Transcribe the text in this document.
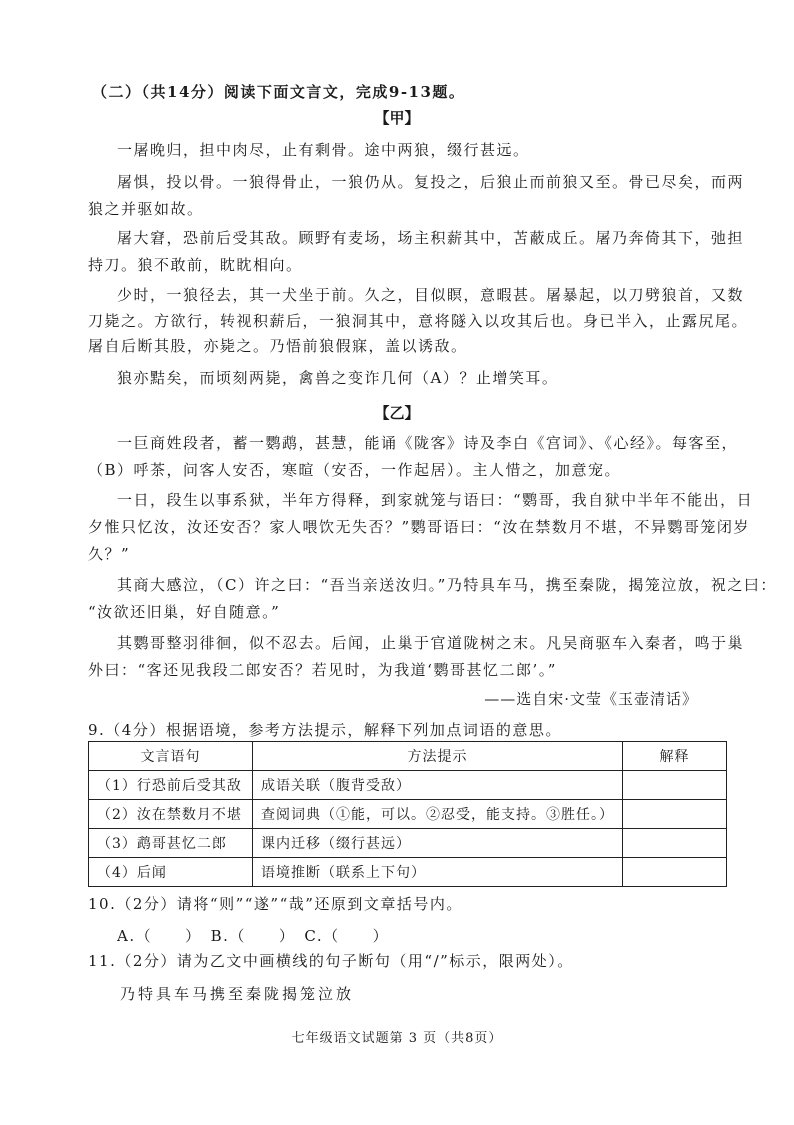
（二）（共14分）阅读下面文言文，完成9-13题。
【甲】
一屠晚归，担中肉尽，止有剩骨。途中两狼，缀行甚远。
屠惧，投以骨。一狼得骨止，一狼仍从。复投之，后狼止而前狼又至。骨已尽矣，而两
狼之并驱如故。
屠大窘，恐前后受其敌。顾野有麦场，场主积薪其中，苫蔽成丘。屠乃奔倚其下，弛担
持刀。狼不敢前，眈眈相向。
少时，一狼径去，其一犬坐于前。久之，目似瞑，意暇甚。屠暴起，以刀劈狼首，又数
刀毙之。方欲行，转视积薪后，一狼洞其中，意将隧入以攻其后也。身已半入，止露尻尾。
屠自后断其股，亦毙之。乃悟前狼假寐，盖以诱敌。
狼亦黠矣，而顷刻两毙，禽兽之变诈几何（A）？止增笑耳。
【乙】
一巨商姓段者，蓄一鹦鹉，甚慧，能诵《陇客》诗及李白《宫词》、《心经》。每客至，
（B）呼茶，问客人安否，寒暄（安否，一作起居）。主人惜之，加意宠。
一日，段生以事系狱，半年方得释，到家就笼与语曰：“鹦哥，我自狱中半年不能出，日
夕惟只忆汝，汝还安否？家人喂饮无失否？”鹦哥语曰：“汝在禁数月不堪，不异鹦哥笼闭岁
久？”
其商大感泣，（C）许之曰：“吾当亲送汝归。”乃特具车马，携至秦陇，揭笼泣放，祝之曰：
“汝欲还旧巢，好自随意。”
其鹦哥整羽徘徊，似不忍去。后闻，止巢于官道陇树之末。凡吴商驱车入秦者，鸣于巢
外曰：“客还见我段二郎安否？若见时，为我道‘鹦哥甚忆二郎’。”
——选自宋·文莹《玉壶清话》
9.（4分）根据语境，参考方法提示，解释下列加点词语的意思。
文言语句	方法提示	解释
（1）行恐前后受其敌	成语关联（腹背受敌）	
（2）汝在禁数月不堪	查阅词典（①能，可以。②忍受，能支持。③胜任。）	
（3）鹉哥甚忆二郎	课内迁移（缀行甚远）	
（4）后闻	语境推断（联系上下句）	
10.（2分）请将“则”“遂”“哉”还原到文章括号内。
A.（　　）　B.（　　）　C.（　　）
11.（2分）请为乙文中画横线的句子断句（用“/”标示，限两处）。
乃特具车马携至秦陇揭笼泣放
七年级语文试题第 3 页（共8页）
